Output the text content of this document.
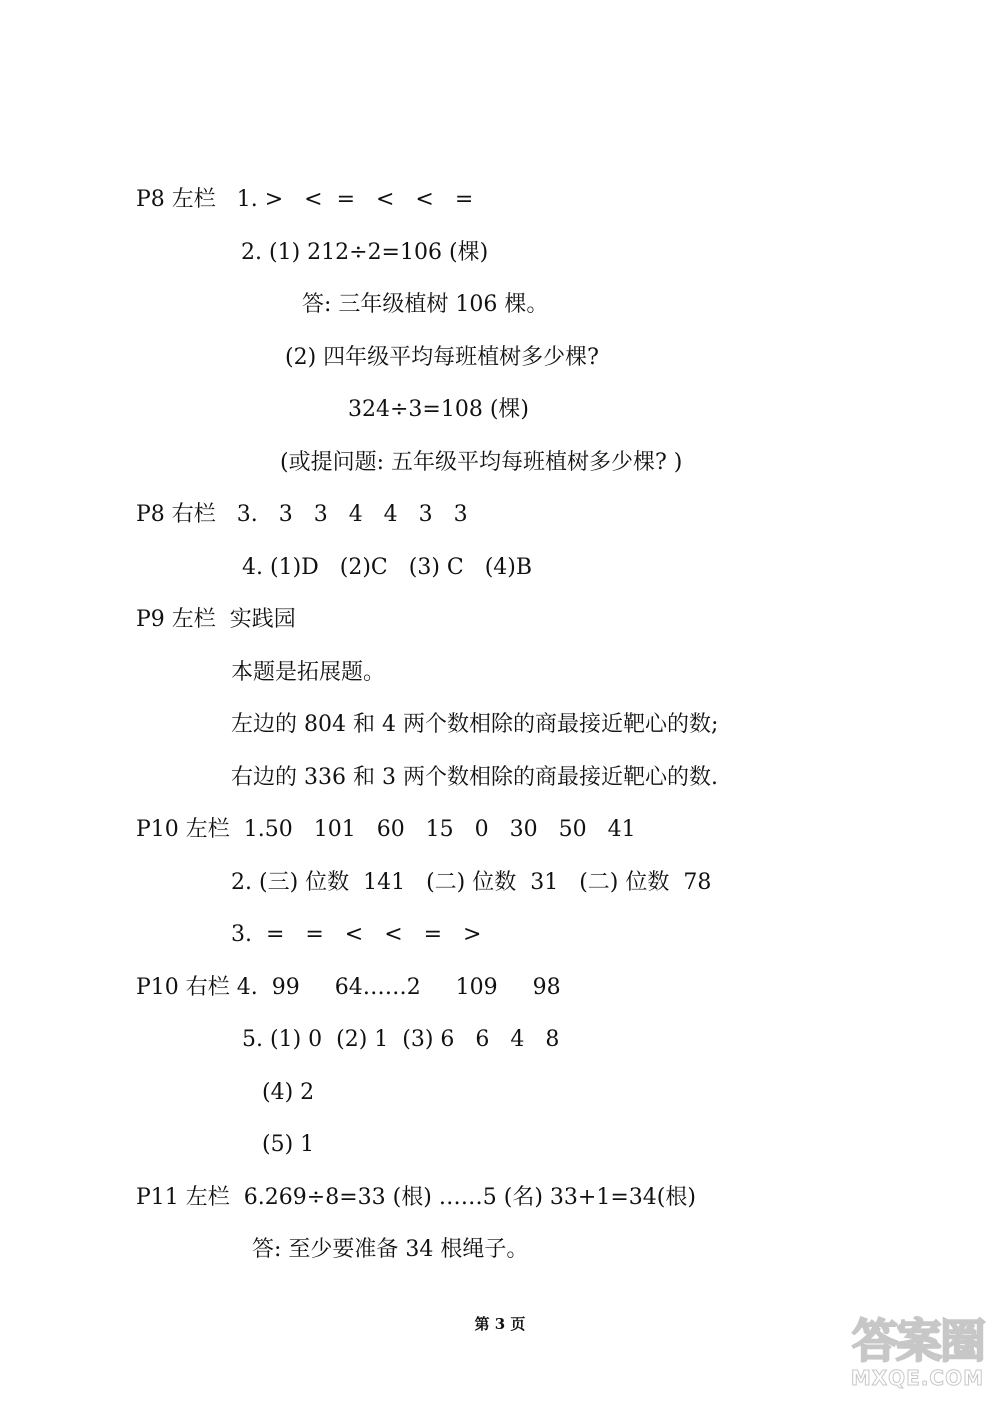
P8 左栏   1. >   <  =   <   <   =
2. (1) 212÷2=106 (棵)
答: 三年级植树 106 棵。
(2) 四年级平均每班植树多少棵?
324÷3=108 (棵)
(或提问题: 五年级平均每班植树多少棵? )
P8 右栏   3.   3   3   4   4   3   3
4. (1)D   (2)C   (3) C   (4)B
P9 左栏  实践园
本题是拓展题。
左边的 804 和 4 两个数相除的商最接近靶心的数;
右边的 336 和 3 两个数相除的商最接近靶心的数.
P10 左栏  1.50   101   60   15   0   30   50   41
2. (三) 位数  141   (二) 位数  31   (二) 位数  78
3.  =   =   <   <   =   >
P10 右栏 4.  99     64……2     109     98
5. (1) 0  (2) 1  (3) 6   6   4   8
(4) 2
(5) 1
P11 左栏  6.269÷8=33 (根) ……5 (名) 33+1=34(根)
答: 至少要准备 34 根绳子。
第 3 页	答案圈
MXQE.COM
